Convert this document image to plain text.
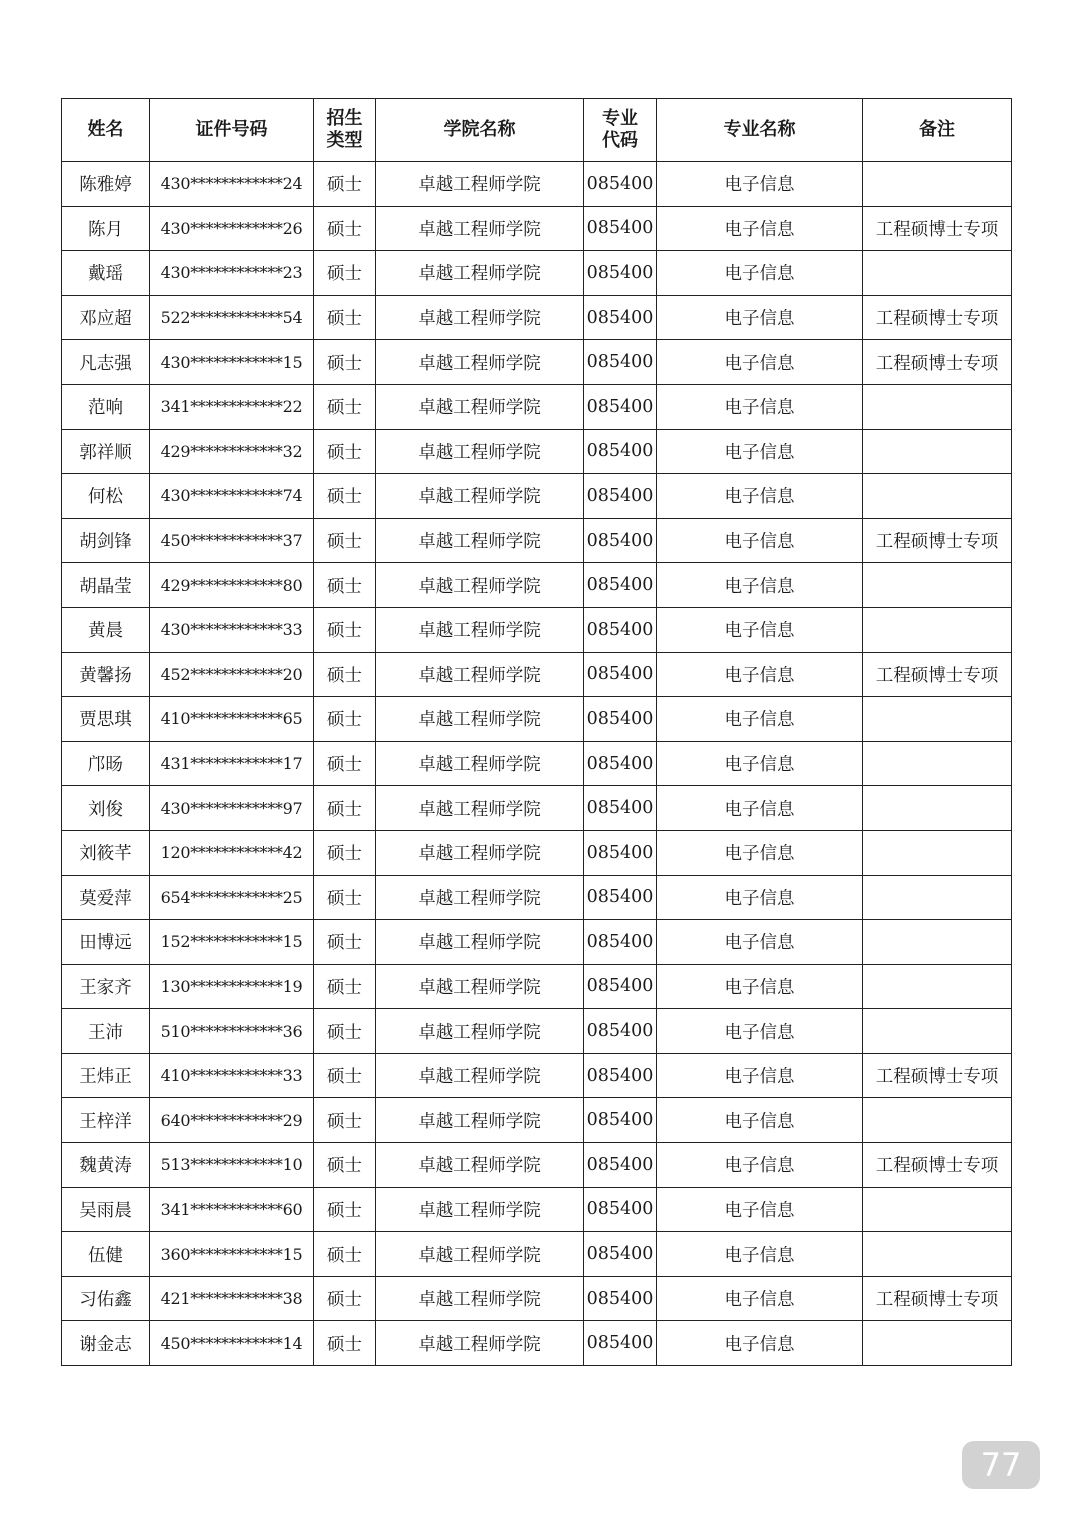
姓名	证件号码	招生类型	学院名称	专业代码	专业名称	备注
陈雅婷	430************24	硕士	卓越工程师学院	085400	电子信息	
陈月	430************26	硕士	卓越工程师学院	085400	电子信息	工程硕博士专项
戴瑶	430************23	硕士	卓越工程师学院	085400	电子信息	
邓应超	522************54	硕士	卓越工程师学院	085400	电子信息	工程硕博士专项
凡志强	430************15	硕士	卓越工程师学院	085400	电子信息	工程硕博士专项
范响	341************22	硕士	卓越工程师学院	085400	电子信息	
郭祥顺	429************32	硕士	卓越工程师学院	085400	电子信息	
何松	430************74	硕士	卓越工程师学院	085400	电子信息	
胡剑锋	450************37	硕士	卓越工程师学院	085400	电子信息	工程硕博士专项
胡晶莹	429************80	硕士	卓越工程师学院	085400	电子信息	
黄晨	430************33	硕士	卓越工程师学院	085400	电子信息	
黄馨扬	452************20	硕士	卓越工程师学院	085400	电子信息	工程硕博士专项
贾思琪	410************65	硕士	卓越工程师学院	085400	电子信息	
邝旸	431************17	硕士	卓越工程师学院	085400	电子信息	
刘俊	430************97	硕士	卓越工程师学院	085400	电子信息	
刘筱芊	120************42	硕士	卓越工程师学院	085400	电子信息	
莫爱萍	654************25	硕士	卓越工程师学院	085400	电子信息	
田博远	152************15	硕士	卓越工程师学院	085400	电子信息	
王家齐	130************19	硕士	卓越工程师学院	085400	电子信息	
王沛	510************36	硕士	卓越工程师学院	085400	电子信息	
王炜正	410************33	硕士	卓越工程师学院	085400	电子信息	工程硕博士专项
王梓洋	640************29	硕士	卓越工程师学院	085400	电子信息	
魏黄涛	513************10	硕士	卓越工程师学院	085400	电子信息	工程硕博士专项
吴雨晨	341************60	硕士	卓越工程师学院	085400	电子信息	
伍健	360************15	硕士	卓越工程师学院	085400	电子信息	
习佑鑫	421************38	硕士	卓越工程师学院	085400	电子信息	工程硕博士专项
谢金志	450************14	硕士	卓越工程师学院	085400	电子信息	
77
